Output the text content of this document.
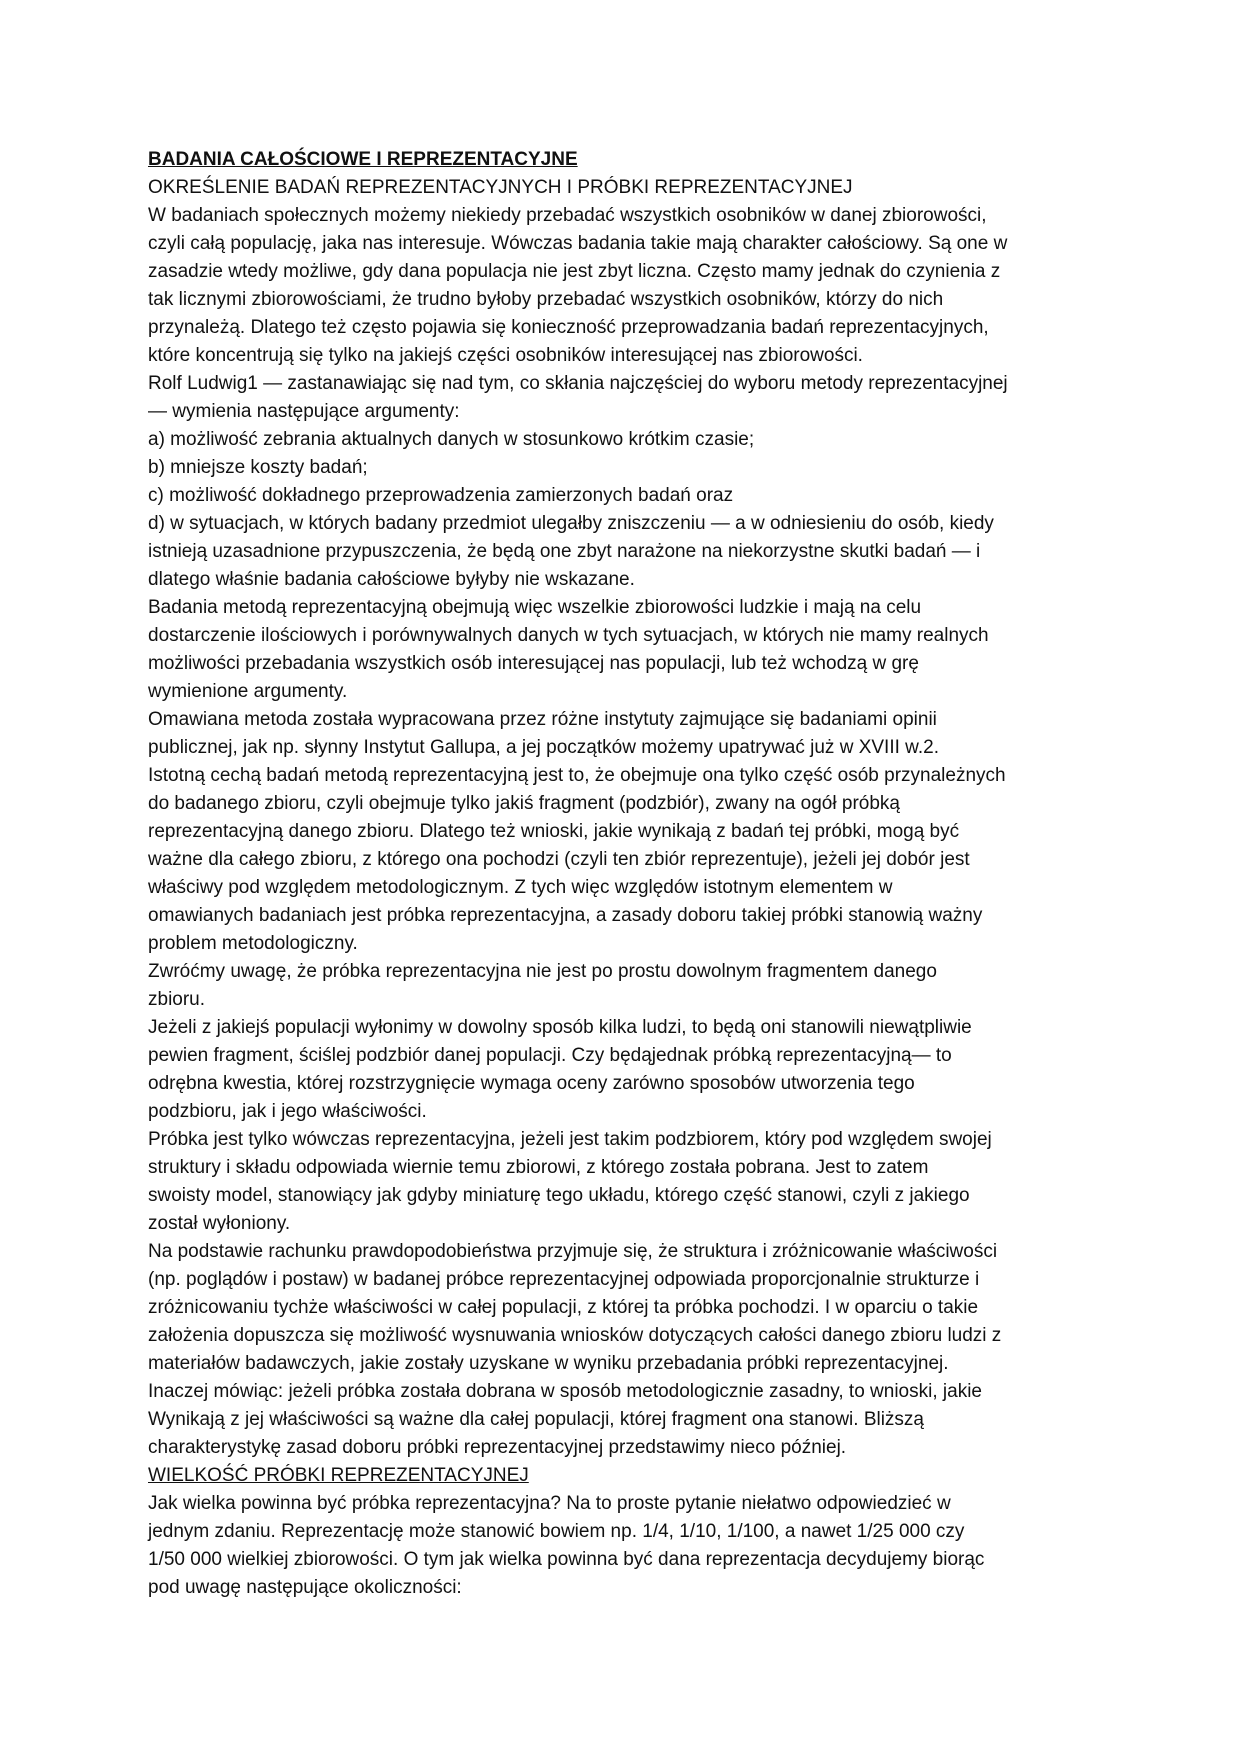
BADANIA CAŁOŚCIOWE I REPREZENTACYJNE
OKREŚLENIE BADAŃ REPREZENTACYJNYCH I PRÓBKI REPREZENTACYJNEJ
W badaniach społecznych możemy niekiedy przebadać wszystkich osobników w danej zbiorowości,
czyli całą populację, jaka nas interesuje. Wówczas badania takie mają charakter całościowy. Są one w
zasadzie wtedy możliwe, gdy dana populacja nie jest zbyt liczna. Często mamy jednak do czynienia z
tak licznymi zbiorowościami, że trudno byłoby przebadać wszystkich osobników, którzy do nich
przynależą. Dlatego też często pojawia się konieczność przeprowadzania badań reprezentacyjnych,
które koncentrują się tylko na jakiejś części osobników interesującej nas zbiorowości.
Rolf Ludwig1 — zastanawiając się nad tym, co skłania najczęściej do wyboru metody reprezentacyjnej
— wymienia następujące argumenty:
a) możliwość zebrania aktualnych danych w stosunkowo krótkim czasie;
b) mniejsze koszty badań;
c) możliwość dokładnego przeprowadzenia zamierzonych badań oraz
d) w sytuacjach, w których badany przedmiot ulegałby zniszczeniu — a w odniesieniu do osób, kiedy
istnieją uzasadnione przypuszczenia, że będą one zbyt narażone na niekorzystne skutki badań — i
dlatego właśnie badania całościowe byłyby nie wskazane.
Badania metodą reprezentacyjną obejmują więc wszelkie zbiorowości ludzkie i mają na celu
dostarczenie ilościowych i porównywalnych danych w tych sytuacjach, w których nie mamy realnych
możliwości przebadania wszystkich osób interesującej nas populacji, lub też wchodzą w grę
wymienione argumenty.
Omawiana metoda została wypracowana przez różne instytuty zajmujące się badaniami opinii
publicznej, jak np. słynny Instytut Gallupa, a jej początków możemy upatrywać już w XVIII w.2.
Istotną cechą badań metodą reprezentacyjną jest to, że obejmuje ona tylko część osób przynależnych
do badanego zbioru, czyli obejmuje tylko jakiś fragment (podzbiór), zwany na ogół próbką
reprezentacyjną danego zbioru. Dlatego też wnioski, jakie wynikają z badań tej próbki, mogą być
ważne dla całego zbioru, z którego ona pochodzi (czyli ten zbiór reprezentuje), jeżeli jej dobór jest
właściwy pod względem metodologicznym. Z tych więc względów istotnym elementem w
omawianych badaniach jest próbka reprezentacyjna, a zasady doboru takiej próbki stanowią ważny
problem metodologiczny.
Zwróćmy uwagę, że próbka reprezentacyjna nie jest po prostu dowolnym fragmentem danego
zbioru.
Jeżeli z jakiejś populacji wyłonimy w dowolny sposób kilka ludzi, to będą oni stanowili niewątpliwie
pewien fragment, ściślej podzbiór danej populacji. Czy będąjednak próbką reprezentacyjną— to
odrębna kwestia, której rozstrzygnięcie wymaga oceny zarówno sposobów utworzenia tego
podzbioru, jak i jego właściwości.
Próbka jest tylko wówczas reprezentacyjna, jeżeli jest takim podzbiorem, który pod względem swojej
struktury i składu odpowiada wiernie temu zbiorowi, z którego została pobrana. Jest to zatem
swoisty model, stanowiący jak gdyby miniaturę tego układu, którego część stanowi, czyli z jakiego
został wyłoniony.
Na podstawie rachunku prawdopodobieństwa przyjmuje się, że struktura i zróżnicowanie właściwości
(np. poglądów i postaw) w badanej próbce reprezentacyjnej odpowiada proporcjonalnie strukturze i
zróżnicowaniu tychże właściwości w całej populacji, z której ta próbka pochodzi. I w oparciu o takie
założenia dopuszcza się możliwość wysnuwania wniosków dotyczących całości danego zbioru ludzi z
materiałów badawczych, jakie zostały uzyskane w wyniku przebadania próbki reprezentacyjnej.
Inaczej mówiąc: jeżeli próbka została dobrana w sposób metodologicznie zasadny, to wnioski, jakie
Wynikają z jej właściwości są ważne dla całej populacji, której fragment ona stanowi. Bliższą
charakterystykę zasad doboru próbki reprezentacyjnej przedstawimy nieco później.
WIELKOŚĆ PRÓBKI REPREZENTACYJNEJ
Jak wielka powinna być próbka reprezentacyjna? Na to proste pytanie niełatwo odpowiedzieć w
jednym zdaniu. Reprezentację może stanowić bowiem np. 1/4, 1/10, 1/100, a nawet 1/25 000 czy
1/50 000 wielkiej zbiorowości. O tym jak wielka powinna być dana reprezentacja decydujemy biorąc
pod uwagę następujące okoliczności:
